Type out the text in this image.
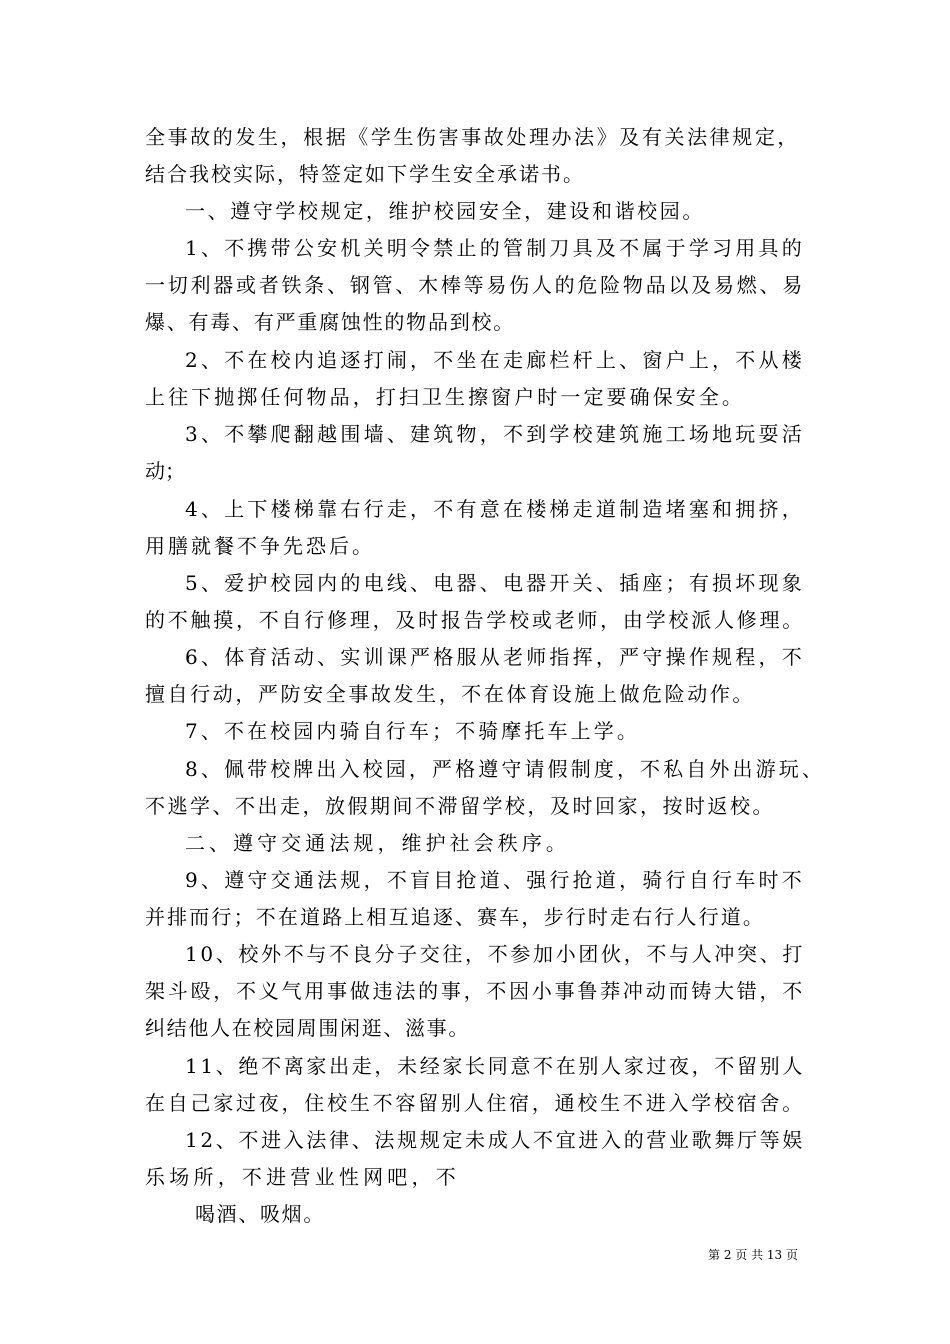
全事故的发生，根据《学生伤害事故处理办法》及有关法律规定，
结合我校实际，特签定如下学生安全承诺书。
一、遵守学校规定，维护校园安全，建设和谐校园。
1、不携带公安机关明令禁止的管制刀具及不属于学习用具的
一切利器或者铁条、钢管、木棒等易伤人的危险物品以及易燃、易
爆、有毒、有严重腐蚀性的物品到校。
2、不在校内追逐打闹，不坐在走廊栏杆上、窗户上，不从楼
上往下抛掷任何物品，打扫卫生擦窗户时一定要确保安全。
3、不攀爬翻越围墙、建筑物，不到学校建筑施工场地玩耍活
动；
4、上下楼梯靠右行走，不有意在楼梯走道制造堵塞和拥挤，
用膳就餐不争先恐后。
5、爱护校园内的电线、电器、电器开关、插座；有损坏现象
的不触摸，不自行修理，及时报告学校或老师，由学校派人修理。
6、体育活动、实训课严格服从老师指挥，严守操作规程，不
擅自行动，严防安全事故发生，不在体育设施上做危险动作。
7、不在校园内骑自行车；不骑摩托车上学。
8、佩带校牌出入校园，严格遵守请假制度，不私自外出游玩、
不逃学、不出走，放假期间不滞留学校，及时回家，按时返校。
二、遵守交通法规，维护社会秩序。
9、遵守交通法规，不盲目抢道、强行抢道，骑行自行车时不
并排而行；不在道路上相互追逐、赛车，步行时走右行人行道。
10、校外不与不良分子交往，不参加小团伙，不与人冲突、打
架斗殴，不义气用事做违法的事，不因小事鲁莽冲动而铸大错，不
纠结他人在校园周围闲逛、滋事。
11、绝不离家出走，未经家长同意不在别人家过夜，不留别人
在自己家过夜，住校生不容留别人住宿，通校生不进入学校宿舍。
12、不进入法律、法规规定未成人不宜进入的营业歌舞厅等娱
乐场所，不进营业性网吧，不
喝酒、吸烟。
第 2 页 共 13 页
